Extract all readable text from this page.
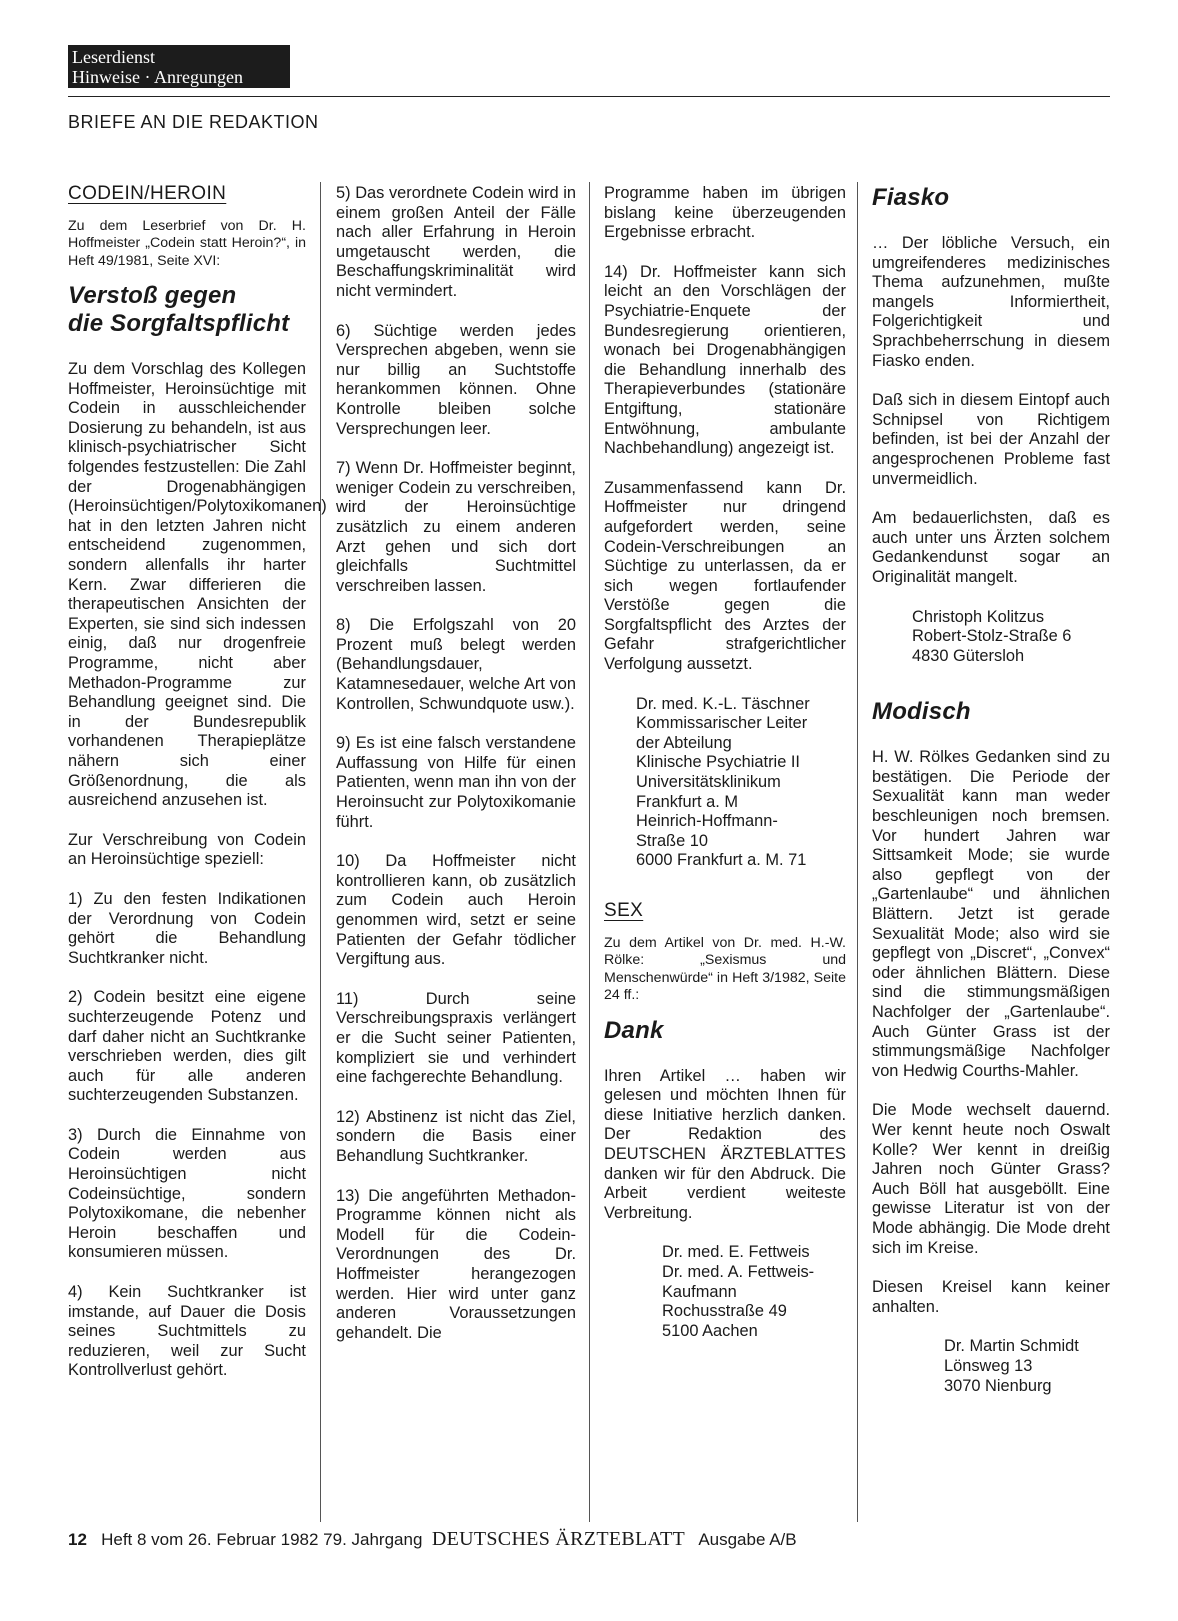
Leserdienst
Hinweise · Anregungen
BRIEFE AN DIE REDAKTION
CODEIN/HEROIN

Zu dem Leserbrief von Dr. H. Hoffmeister „Codein statt Heroin?“, in Heft 49/1981, Seite XVI:

Verstoß gegen
die Sorgfaltspflicht

Zu dem Vorschlag des Kollegen Hoffmeister, Heroinsüchtige mit Codein in ausschleichender Dosierung zu behandeln, ist aus klinisch-psychiatrischer Sicht folgendes festzustellen: Die Zahl der Drogenabhängigen (Heroinsüchtigen/Polytoxikomanen) hat in den letzten Jahren nicht entscheidend zugenommen, sondern allenfalls ihr harter Kern. Zwar differieren die therapeutischen Ansichten der Experten, sie sind sich indessen einig, daß nur drogenfreie Programme, nicht aber Methadon-Programme zur Behandlung geeignet sind. Die in der Bundesrepublik vorhandenen Therapieplätze nähern sich einer Größenordnung, die als ausreichend anzusehen ist.

Zur Verschreibung von Codein an Heroinsüchtige speziell:

1) Zu den festen Indikationen der Verordnung von Codein gehört die Behandlung Suchtkranker nicht.

2) Codein besitzt eine eigene suchterzeugende Potenz und darf daher nicht an Suchtkranke verschrieben werden, dies gilt auch für alle anderen suchterzeugenden Substanzen.

3) Durch die Einnahme von Codein werden aus Heroinsüchtigen nicht Codeinsüchtige, sondern Polytoxikomane, die nebenher Heroin beschaffen und konsumieren müssen.

4) Kein Suchtkranker ist imstande, auf Dauer die Dosis seines Suchtmittels zu reduzieren, weil zur Sucht Kontrollverlust gehört.

5) Das verordnete Codein wird in einem großen Anteil der Fälle nach aller Erfahrung in Heroin umgetauscht werden, die Beschaffungskriminalität wird nicht vermindert.

6) Süchtige werden jedes Versprechen abgeben, wenn sie nur billig an Suchtstoffe herankommen können. Ohne Kontrolle bleiben solche Versprechungen leer.

7) Wenn Dr. Hoffmeister beginnt, weniger Codein zu verschreiben, wird der Heroinsüchtige zusätzlich zu einem anderen Arzt gehen und sich dort gleichfalls Suchtmittel verschreiben lassen.

8) Die Erfolgszahl von 20 Prozent muß belegt werden (Behandlungsdauer, Katamnesedauer, welche Art von Kontrollen, Schwundquote usw.).

9) Es ist eine falsch verstandene Auffassung von Hilfe für einen Patienten, wenn man ihn von der Heroinsucht zur Polytoxikomanie führt.

10) Da Hoffmeister nicht kontrollieren kann, ob zusätzlich zum Codein auch Heroin genommen wird, setzt er seine Patienten der Gefahr tödlicher Vergiftung aus.

11) Durch seine Verschreibungspraxis verlängert er die Sucht seiner Patienten, kompliziert sie und verhindert eine fachgerechte Behandlung.

12) Abstinenz ist nicht das Ziel, sondern die Basis einer Behandlung Suchtkranker.

13) Die angeführten Methadon-Programme können nicht als Modell für die Codein-Verordnungen des Dr. Hoffmeister herangezogen werden. Hier wird unter ganz anderen Voraussetzungen gehandelt. Die

Programme haben im übrigen bislang keine überzeugenden Ergebnisse erbracht.

14) Dr. Hoffmeister kann sich leicht an den Vorschlägen der Psychiatrie-Enquete der Bundesregierung orientieren, wonach bei Drogenabhängigen die Behandlung innerhalb des Therapieverbundes (stationäre Entgiftung, stationäre Entwöhnung, ambulante Nachbehandlung) angezeigt ist.

Zusammenfassend kann Dr. Hoffmeister nur dringend aufgefordert werden, seine Codein-Verschreibungen an Süchtige zu unterlassen, da er sich wegen fortlaufender Verstöße gegen die Sorgfaltspflicht des Arztes der Gefahr strafgerichtlicher Verfolgung aussetzt.

Dr. med. K.-L. Täschner
Kommissarischer Leiter
der Abteilung
Klinische Psychiatrie II
Universitätsklinikum
Frankfurt a. M
Heinrich-Hoffmann-
Straße 10
6000 Frankfurt a. M. 71
SEX

Zu dem Artikel von Dr. med. H.-W. Rölke: „Sexismus und Menschenwürde“ in Heft 3/1982, Seite 24 ff.:

Dank

Ihren Artikel … haben wir gelesen und möchten Ihnen für diese Initiative herzlich danken. Der Redaktion des DEUTSCHEN ÄRZTEBLATTES danken wir für den Abdruck. Die Arbeit verdient weiteste Verbreitung.

Dr. med. E. Fettweis
Dr. med. A. Fettweis-
Kaufmann
Rochusstraße 49
5100 Aachen
Fiasko

… Der löbliche Versuch, ein umgreifenderes medizinisches Thema aufzunehmen, mußte mangels Informiertheit, Folgerichtigkeit und Sprachbeherrschung in diesem Fiasko enden.

Daß sich in diesem Eintopf auch Schnipsel von Richtigem befinden, ist bei der Anzahl der angesprochenen Probleme fast unvermeidlich.

Am bedauerlichsten, daß es auch unter uns Ärzten solchem Gedankendunst sogar an Originalität mangelt.

Christoph Kolitzus
Robert-Stolz-Straße 6
4830 Gütersloh
Modisch

H. W. Rölkes Gedanken sind zu bestätigen. Die Periode der Sexualität kann man weder beschleunigen noch bremsen. Vor hundert Jahren war Sittsamkeit Mode; sie wurde also gepflegt von der „Gartenlaube“ und ähnlichen Blättern. Jetzt ist gerade Sexualität Mode; also wird sie gepflegt von „Discret“, „Convex“ oder ähnlichen Blättern. Diese sind die stimmungsmäßigen Nachfolger der „Gartenlaube“. Auch Günter Grass ist der stimmungsmäßige Nachfolger von Hedwig Courths-Mahler.

Die Mode wechselt dauernd. Wer kennt heute noch Oswalt Kolle? Wer kennt in dreißig Jahren noch Günter Grass? Auch Böll hat ausgeböllt. Eine gewisse Literatur ist von der Mode abhängig. Die Mode dreht sich im Kreise.

Diesen Kreisel kann keiner anhalten.

Dr. Martin Schmidt
Lönsweg 13
3070 Nienburg
12 Heft 8 vom 26. Februar 1982 79. Jahrgang DEUTSCHES ÄRZTEBLATT Ausgabe A/B
